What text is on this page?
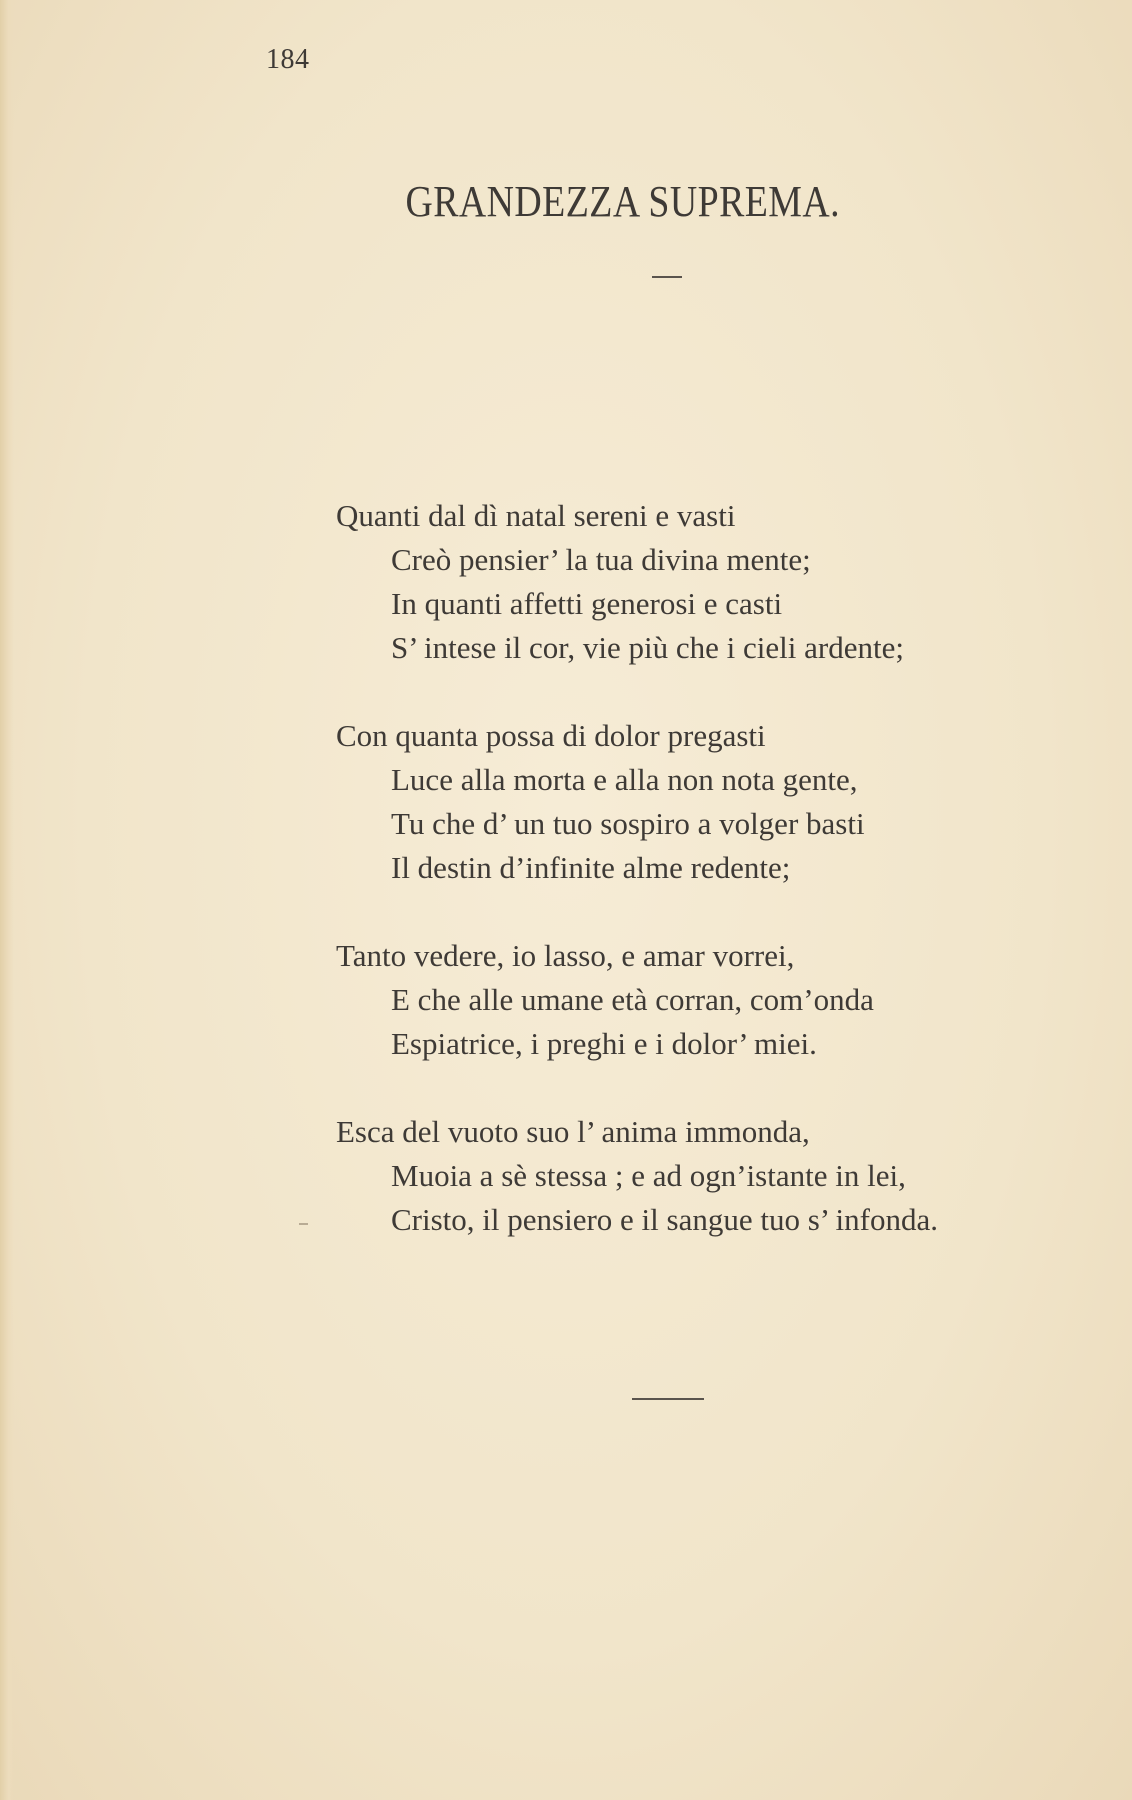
184
GRANDEZZA SUPREMA.
Quanti dal dì natal sereni e vasti
Creò pensier’ la tua divina mente;
In quanti affetti generosi e casti
S’ intese il cor, vie più che i cieli ardente;
Con quanta possa di dolor pregasti
Luce alla morta e alla non nota gente,
Tu che d’ un tuo sospiro a volger basti
Il destin d’infinite alme redente;
Tanto vedere, io lasso, e amar vorrei,
E che alle umane età corran, com’onda
Espiatrice, i preghi e i dolor’ miei.
Esca del vuoto suo l’ anima immonda,
Muoia a sè stessa ; e ad ogn’istante in lei,
Cristo, il pensiero e il sangue tuo s’ infonda.
